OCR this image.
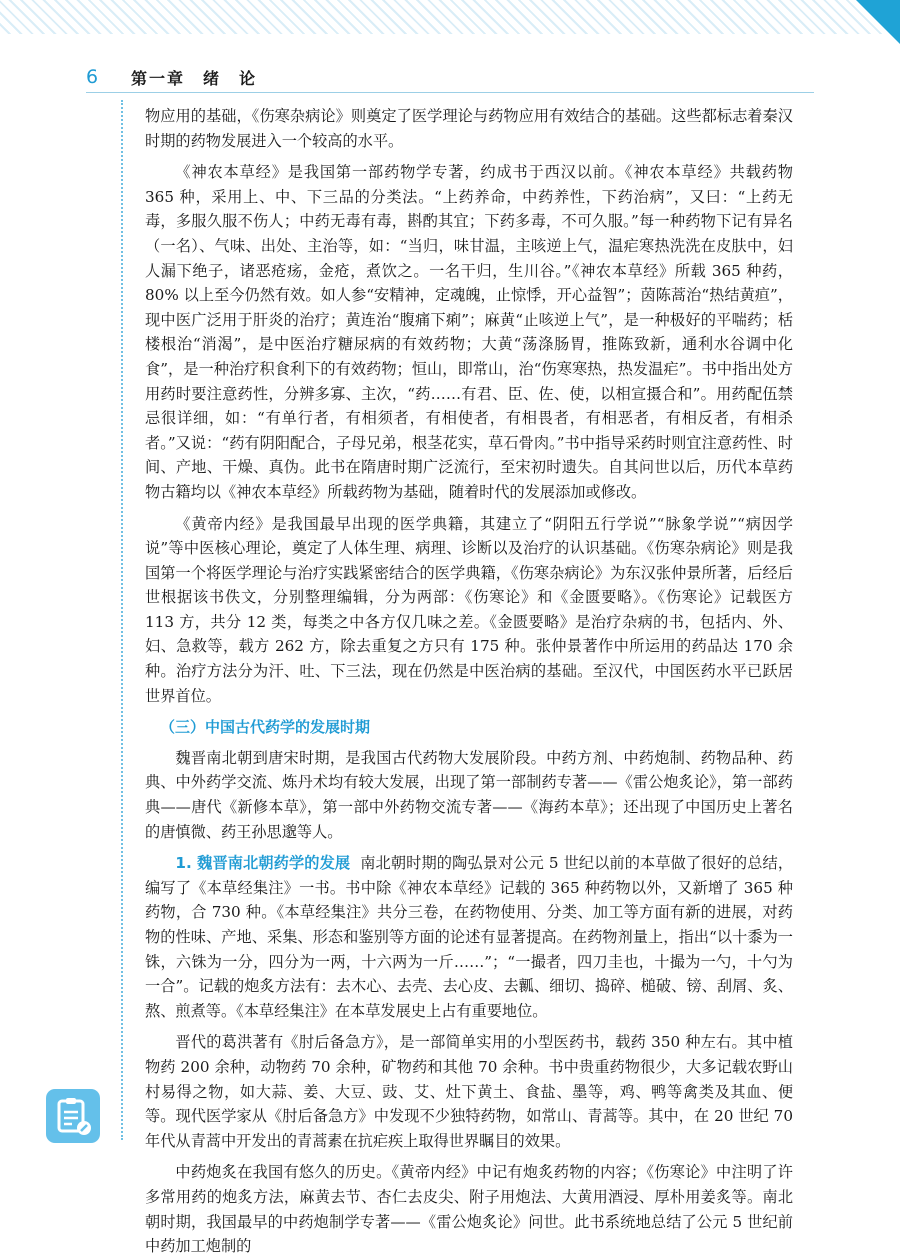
6 第一章　绪　论

物应用的基础，《伤寒杂病论》则奠定了医学理论与药物应用有效结合的基础。这些都标志着秦汉时期的药物发展进入一个较高的水平。

《神农本草经》是我国第一部药物学专著，约成书于西汉以前。《神农本草经》共载药物 365 种，采用上、中、下三品的分类法。“上药养命，中药养性，下药治病”，又曰：“上药无毒，多服久服不伤人；中药无毒有毒，斟酌其宜；下药多毒，不可久服。”每一种药物下记有异名（一名）、气味、出处、主治等，如：“当归，味甘温，主咳逆上气，温疟寒热洗洗在皮肤中，妇人漏下绝子，诸恶疮疡，金疮，煮饮之。一名干归，生川谷。”《神农本草经》所载 365 种药，80% 以上至今仍然有效。如人参“安精神，定魂魄，止惊悸，开心益智”；茵陈蒿治“热结黄疸”，现中医广泛用于肝炎的治疗；黄连治“腹痛下痢”；麻黄“止咳逆上气”，是一种极好的平喘药；栝楼根治“消渴”，是中医治疗糖尿病的有效药物；大黄“荡涤肠胃，推陈致新，通利水谷调中化食”，是一种治疗积食利下的有效药物；恒山，即常山，治“伤寒寒热，热发温疟”。书中指出处方用药时要注意药性，分辨多寡、主次，“药……有君、臣、佐、使，以相宣摄合和”。用药配伍禁忌很详细，如：“有单行者，有相须者，有相使者，有相畏者，有相恶者，有相反者，有相杀者。”又说：“药有阴阳配合，子母兄弟，根茎花实，草石骨肉。”书中指导采药时则宜注意药性、时间、产地、干燥、真伪。此书在隋唐时期广泛流行，至宋初时遗失。自其问世以后，历代本草药物古籍均以《神农本草经》所载药物为基础，随着时代的发展添加或修改。

《黄帝内经》是我国最早出现的医学典籍，其建立了“阴阳五行学说”“脉象学说”“病因学说”等中医核心理论，奠定了人体生理、病理、诊断以及治疗的认识基础。《伤寒杂病论》则是我国第一个将医学理论与治疗实践紧密结合的医学典籍，《伤寒杂病论》为东汉张仲景所著，后经后世根据该书佚文，分别整理编辑，分为两部：《伤寒论》和《金匮要略》。《伤寒论》记载医方 113 方，共分 12 类，每类之中各方仅几味之差。《金匮要略》是治疗杂病的书，包括内、外、妇、急救等，载方 262 方，除去重复之方只有 175 种。张仲景著作中所运用的药品达 170 余种。治疗方法分为汗、吐、下三法，现在仍然是中医治病的基础。至汉代，中国医药水平已跃居世界首位。

（三）中国古代药学的发展时期

魏晋南北朝到唐宋时期，是我国古代药物大发展阶段。中药方剂、中药炮制、药物品种、药典、中外药学交流、炼丹术均有较大发展，出现了第一部制药专著——《雷公炮炙论》，第一部药典——唐代《新修本草》，第一部中外药物交流专著——《海药本草》；还出现了中国历史上著名的唐慎微、药王孙思邈等人。

1. 魏晋南北朝药学的发展 南北朝时期的陶弘景对公元 5 世纪以前的本草做了很好的总结，编写了《本草经集注》一书。书中除《神农本草经》记载的 365 种药物以外，又新增了 365 种药物，合 730 种。《本草经集注》共分三卷，在药物使用、分类、加工等方面有新的进展，对药物的性味、产地、采集、形态和鉴别等方面的论述有显著提高。在药物剂量上，指出“以十黍为一铢，六铢为一分，四分为一两，十六两为一斤……”；“一撮者，四刀圭也，十撮为一勺，十勺为一合”。记载的炮炙方法有：去木心、去壳、去心皮、去瓤、细切、捣碎、槌破、镑、刮屑、炙、熬、煎煮等。《本草经集注》在本草发展史上占有重要地位。

晋代的葛洪著有《肘后备急方》，是一部简单实用的小型医药书，载药 350 种左右。其中植物药 200 余种，动物药 70 余种，矿物药和其他 70 余种。书中贵重药物很少，大多记载农野山村易得之物，如大蒜、姜、大豆、豉、艾、灶下黄土、食盐、墨等，鸡、鸭等禽类及其血、便等。现代医学家从《肘后备急方》中发现不少独特药物，如常山、青蒿等。其中，在 20 世纪 70 年代从青蒿中开发出的青蒿素在抗疟疾上取得世界瞩目的效果。

中药炮炙在我国有悠久的历史。《黄帝内经》中记有炮炙药物的内容；《伤寒论》中注明了许多常用药的炮炙方法，麻黄去节、杏仁去皮尖、附子用炮法、大黄用酒浸、厚朴用姜炙等。南北朝时期，我国最早的中药炮制学专著——《雷公炮炙论》问世。此书系统地总结了公元 5 世纪前中药加工炮制的
